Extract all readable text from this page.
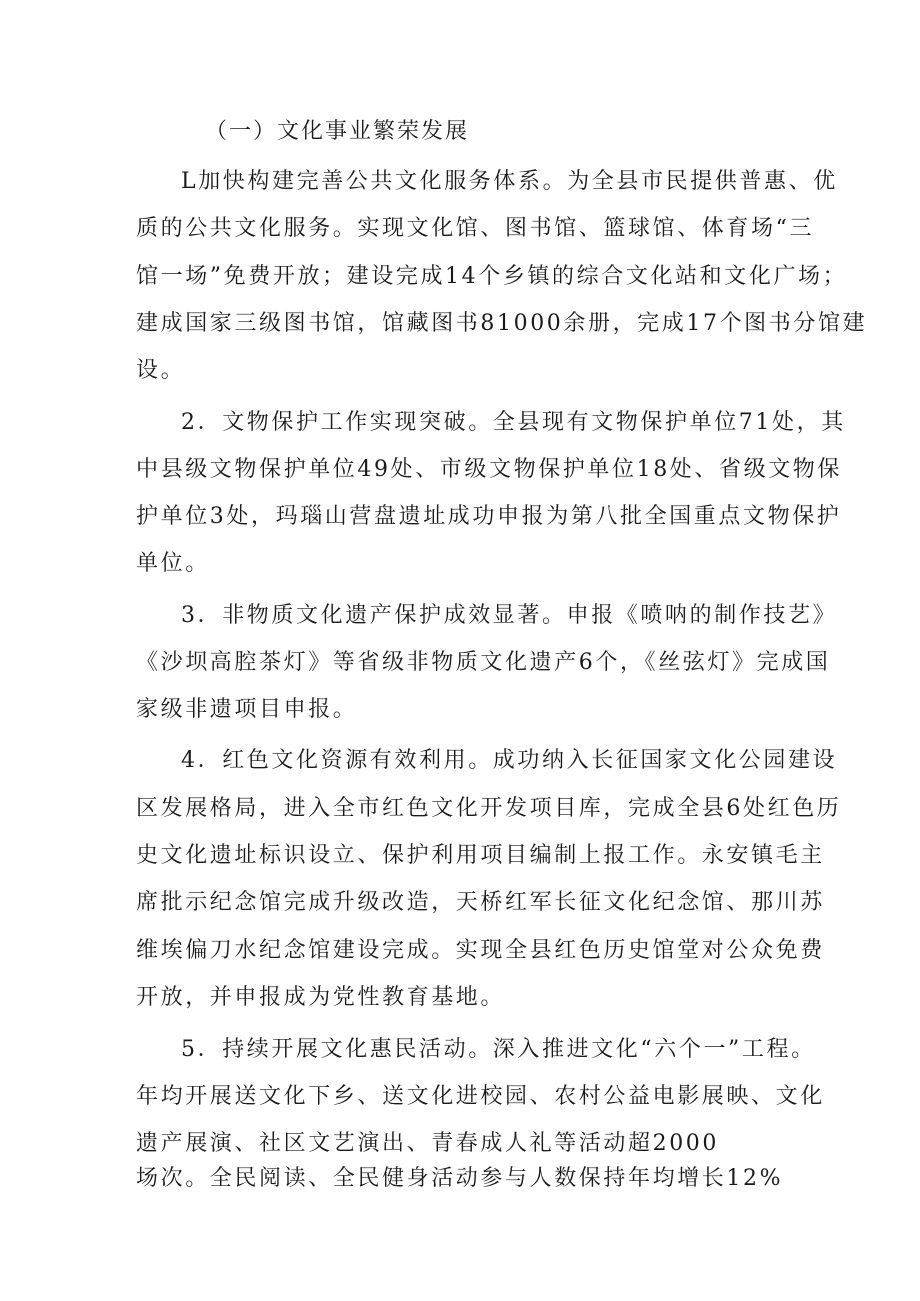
（一）文化事业繁荣发展
L加快构建完善公共文化服务体系。为全县市民提供普惠、优
质的公共文化服务。实现文化馆、图书馆、篮球馆、体育场“三
馆一场”免费开放；建设完成14个乡镇的综合文化站和文化广场；
建成国家三级图书馆，馆藏图书81000余册，完成17个图书分馆建
设。
2．文物保护工作实现突破。全县现有文物保护单位71处，其
中县级文物保护单位49处、市级文物保护单位18处、省级文物保
护单位3处，玛瑙山营盘遗址成功申报为第八批全国重点文物保护
单位。
3．非物质文化遗产保护成效显著。申报《喷呐的制作技艺》
《沙坝高腔茶灯》等省级非物质文化遗产6个，《丝弦灯》完成国
家级非遗项目申报。
4．红色文化资源有效利用。成功纳入长征国家文化公园建设
区发展格局，进入全市红色文化开发项目库，完成全县6处红色历
史文化遗址标识设立、保护利用项目编制上报工作。永安镇毛主
席批示纪念馆完成升级改造，天桥红军长征文化纪念馆、那川苏
维埃偏刀水纪念馆建设完成。实现全县红色历史馆堂对公众免费
开放，并申报成为党性教育基地。
5．持续开展文化惠民活动。深入推进文化“六个一”工程。
年均开展送文化下乡、送文化进校园、农村公益电影展映、文化
遗产展演、社区文艺演出、青春成人礼等活动超2000
场次。全民阅读、全民健身活动参与人数保持年均增长12%
